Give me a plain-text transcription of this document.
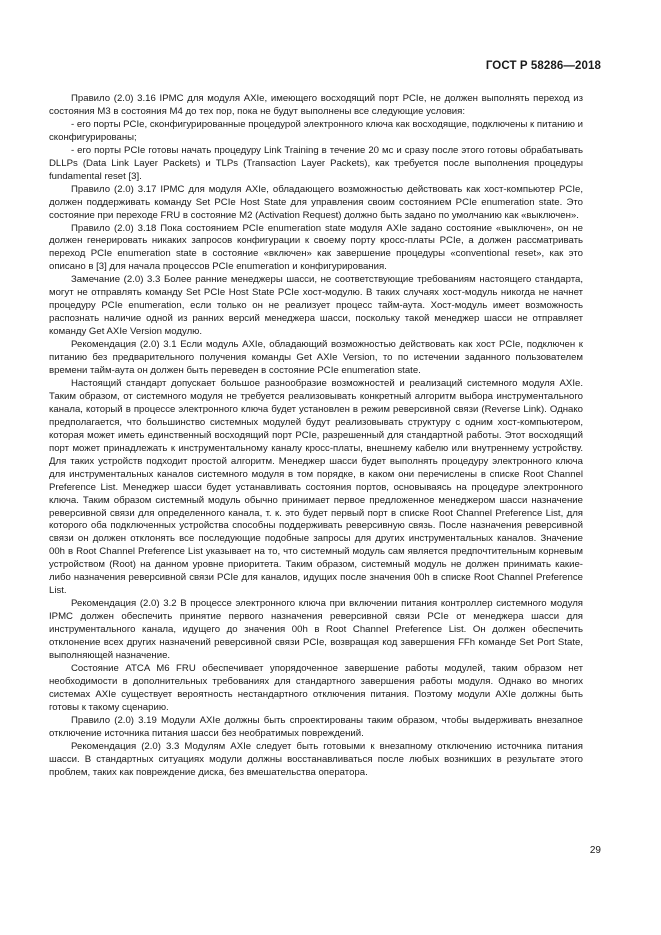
ГОСТ Р 58286—2018

Правило (2.0) 3.16 IPMC для модуля AXIe, имеющего восходящий порт PCIe, не должен выполнять переход из состояния M3 в состояния M4 до тех пор, пока не будут выполнены все следующие условия:

- его порты PCIe, сконфигурированные процедурой электронного ключа как восходящие, подключены к питанию и сконфигурированы;

- его порты PCIe готовы начать процедуру Link Training в течение 20 мс и сразу после этого готовы обрабатывать DLLPs (Data Link Layer Packets) и TLPs (Transaction Layer Packets), как требуется после выполнения процедуры fundamental reset [3].

Правило (2.0) 3.17 IPMC для модуля AXIe, обладающего возможностью действовать как хост-компьютер PCIe, должен поддерживать команду Set PCIe Host State для управления своим состоянием PCIe enumeration state. Это состояние при переходе FRU в состояние M2 (Activation Request) должно быть задано по умолчанию как «выключен».

Правило (2.0) 3.18 Пока состоянием PCIe enumeration state модуля AXIe задано состояние «выключен», он не должен генерировать никаких запросов конфигурации к своему порту кросс-платы PCIe, а должен рассматривать переход PCIe enumeration state в состояние «включен» как завершение процедуры «conventional reset», как это описано в [3] для начала процессов PCIe enumeration и конфигурирования.

Замечание (2.0) 3.3 Более ранние менеджеры шасси, не соответствующие требованиям настоящего стандарта, могут не отправлять команду Set PCIe Host State PCIe хост-модулю. В таких случаях хост-модуль никогда не начнет процедуру PCIe enumeration, если только он не реализует процесс тайм-аута. Хост-модуль имеет возможность распознать наличие одной из ранних версий менеджера шасси, поскольку такой менеджер шасси не отправляет команду Get AXIe Version модулю.

Рекомендация (2.0) 3.1 Если модуль AXIe, обладающий возможностью действовать как хост PCIe, подключен к питанию без предварительного получения команды Get AXIe Version, то по истечении заданного пользователем времени тайм-аута он должен быть переведен в состояние PCIe enumeration state.

Настоящий стандарт допускает большое разнообразие возможностей и реализаций системного модуля AXIe. Таким образом, от системного модуля не требуется реализовывать конкретный алгоритм выбора инструментального канала, который в процессе электронного ключа будет установлен в режим реверсивной связи (Reverse Link). Однако предполагается, что большинство системных модулей будут реализовывать структуру с одним хост-компьютером, которая может иметь единственный восходящий порт PCIe, разрешенный для стандартной работы. Этот восходящий порт может принадлежать к инструментальному каналу кросс-платы, внешнему кабелю или внутреннему устройству. Для таких устройств подходит простой алгоритм. Менеджер шасси будет выполнять процедуру электронного ключа для инструментальных каналов системного модуля в том порядке, в каком они перечислены в списке Root Channel Preference List. Менеджер шасси будет устанавливать состояния портов, основываясь на процедуре электронного ключа. Таким образом системный модуль обычно принимает первое предложенное менеджером шасси назначение реверсивной связи для определенного канала, т. к. это будет первый порт в списке Root Channel Preference List, для которого оба подключенных устройства способны поддерживать реверсивную связь. После назначения реверсивной связи он должен отклонять все последующие подобные запросы для других инструментальных каналов. Значение 00h в Root Channel Preference List указывает на то, что системный модуль сам является предпочтительным корневым устройством (Root) на данном уровне приоритета. Таким образом, системный модуль не должен принимать какие-либо назначения реверсивной связи PCIe для каналов, идущих после значения 00h в списке Root Channel Preference List.

Рекомендация (2.0) 3.2 В процессе электронного ключа при включении питания контроллер системного модуля IPMC должен обеспечить принятие первого назначения реверсивной связи PCIe от менеджера шасси для инструментального канала, идущего до значения 00h в Root Channel Preference List. Он должен обеспечить отклонение всех других назначений реверсивной связи PCIe, возвращая код завершения FFh команде Set Port State, выполняющей назначение.

Состояние ATCA M6 FRU обеспечивает упорядоченное завершение работы модулей, таким образом нет необходимости в дополнительных требованиях для стандартного завершения работы модуля. Однако во многих системах AXIe существует вероятность нестандартного отключения питания. Поэтому модули AXIe должны быть готовы к такому сценарию.

Правило (2.0) 3.19 Модули AXIe должны быть спроектированы таким образом, чтобы выдерживать внезапное отключение источника питания шасси без необратимых повреждений.

Рекомендация (2.0) 3.3 Модулям AXIe следует быть готовыми к внезапному отключению источника питания шасси. В стандартных ситуациях модули должны восстанавливаться после любых возникших в результате этого проблем, таких как повреждение диска, без вмешательства оператора.

29
